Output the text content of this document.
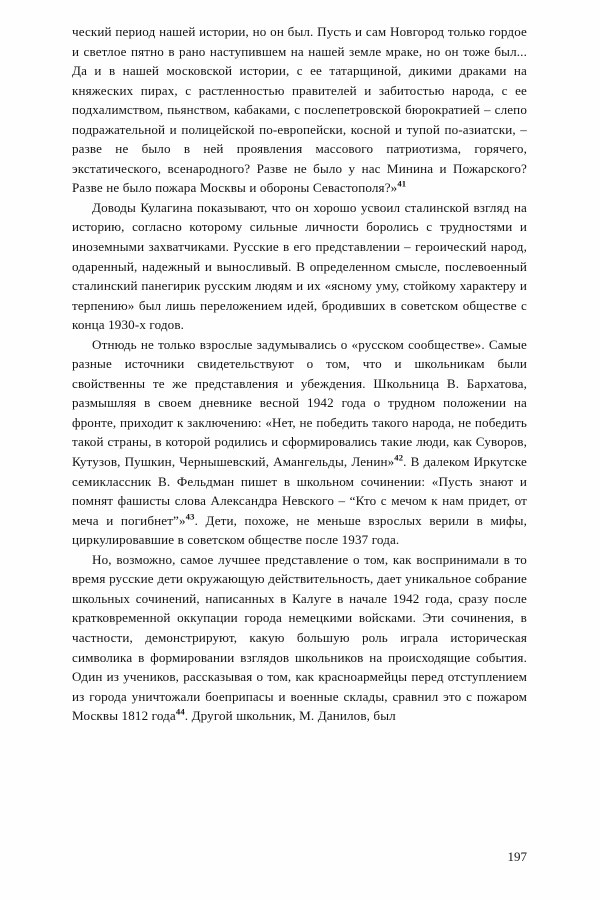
ческий период нашей истории, но он был. Пусть и сам Новгород только гордое и светлое пятно в рано наступившем на нашей земле мраке, но он тоже был... Да и в нашей московской истории, с ее татарщиной, дикими драками на княжеских пирах, с растленностью правителей и забитостью народа, с ее подхалимством, пьянством, кабаками, с послепетровской бюрократией – слепо подражательной и полицейской по-европейски, косной и тупой по-азиатски, – разве не было в ней проявления массового патриотизма, горячего, экстатического, всенародного? Разве не было у нас Минина и Пожарского? Разве не было пожара Москвы и обороны Севастополя?»$^{41}$

Доводы Кулагина показывают, что он хорошо усвоил сталинской взгляд на историю, согласно которому сильные личности боролись с трудностями и иноземными захватчиками. Русские в его представлении – героический народ, одаренный, надежный и выносливый. В определенном смысле, послевоенный сталинский панегирик русским людям и их «ясному уму, стойкому характеру и терпению» был лишь переложением идей, бродивших в советском обществе с конца 1930-х годов.

Отнюдь не только взрослые задумывались о «русском сообществе». Самые разные источники свидетельствуют о том, что и школьникам были свойственны те же представления и убеждения. Школьница В. Бархатова, размышляя в своем дневнике весной 1942 года о трудном положении на фронте, приходит к заключению: «Нет, не победить такого народа, не победить такой страны, в которой родились и сформировались такие люди, как Суворов, Кутузов, Пушкин, Чернышевский, Амангельды, Ленин»$^{42}$. В далеком Иркутске семиклассник В. Фельдман пишет в школьном сочинении: «Пусть знают и помнят фашисты слова Александра Невского – “Кто с мечом к нам придет, от меча и погибнет”»$^{43}$. Дети, похоже, не меньше взрослых верили в мифы, циркулировавшие в советском обществе после 1937 года.

Но, возможно, самое лучшее представление о том, как воспринимали в то время русские дети окружающую действительность, дает уникальное собрание школьных сочинений, написанных в Калуге в начале 1942 года, сразу после кратковременной оккупации города немецкими войсками. Эти сочинения, в частности, демонстрируют, какую большую роль играла историческая символика в формировании взглядов школьников на происходящие события. Один из учеников, рассказывая о том, как красноармейцы перед отступлением из города уничтожали боеприпасы и военные склады, сравнил это с пожаром Москвы 1812 года$^{44}$. Другой школьник, М. Данилов, был

197
